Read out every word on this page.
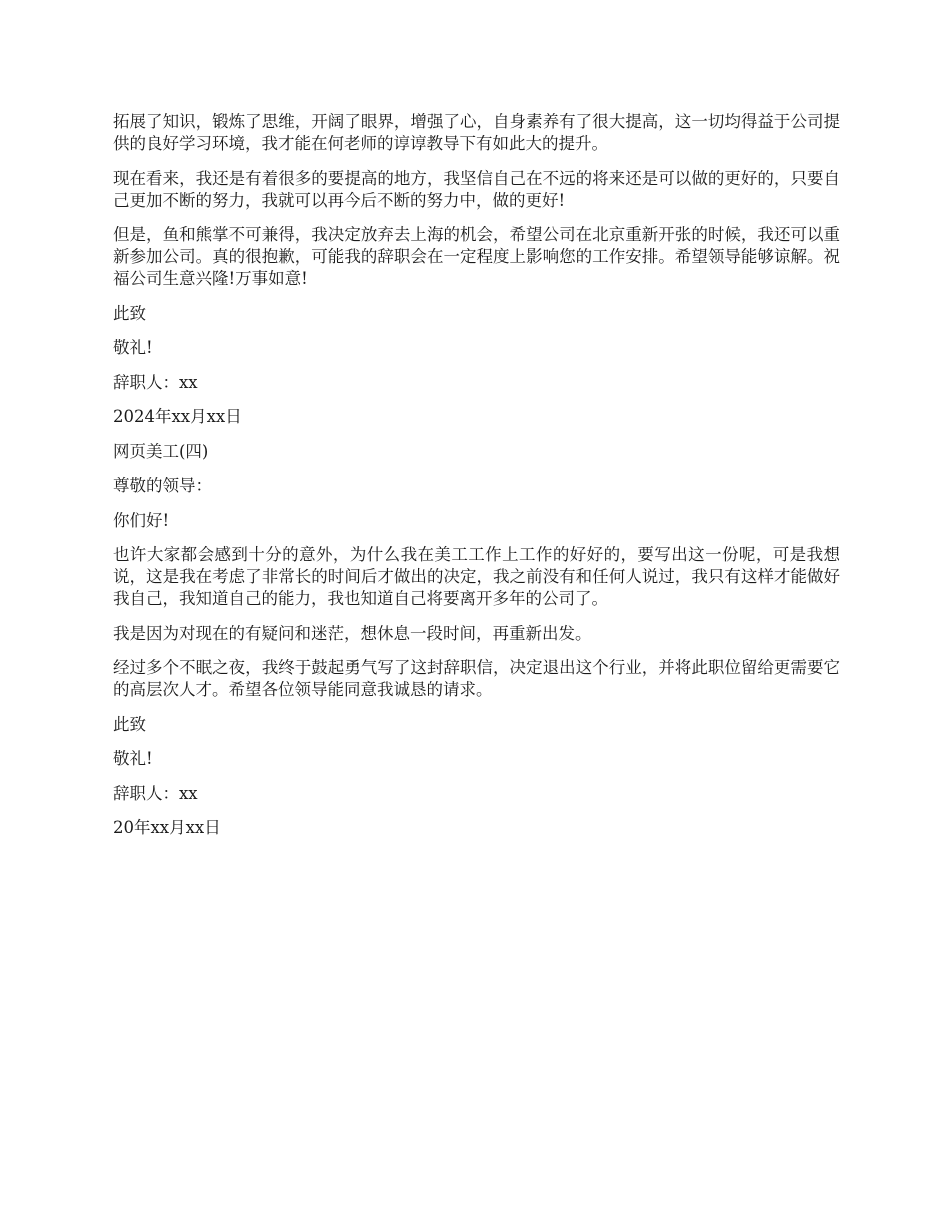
拓展了知识，锻炼了思维，开阔了眼界，增强了心，自身素养有了很大提高，这一切均得益于公司提供的良好学习环境，我才能在何老师的谆谆教导下有如此大的提升。

现在看来，我还是有着很多的要提高的地方，我坚信自己在不远的将来还是可以做的更好的，只要自己更加不断的努力，我就可以再今后不断的努力中，做的更好!

但是，鱼和熊掌不可兼得，我决定放弃去上海的机会，希望公司在北京重新开张的时候，我还可以重新参加公司。真的很抱歉，可能我的辞职会在一定程度上影响您的工作安排。希望领导能够谅解。祝福公司生意兴隆!万事如意!

此致

敬礼!

辞职人：xx

2024年xx月xx日

网页美工(四)

尊敬的领导：

你们好!

也许大家都会感到十分的意外，为什么我在美工工作上工作的好好的，要写出这一份呢，可是我想说，这是我在考虑了非常长的时间后才做出的决定，我之前没有和任何人说过，我只有这样才能做好我自己，我知道自己的能力，我也知道自己将要离开多年的公司了。

我是因为对现在的有疑问和迷茫，想休息一段时间，再重新出发。

经过多个不眠之夜，我终于鼓起勇气写了这封辞职信，决定退出这个行业，并将此职位留给更需要它的高层次人才。希望各位领导能同意我诚恳的请求。

此致

敬礼!

辞职人：xx

20年xx月xx日
